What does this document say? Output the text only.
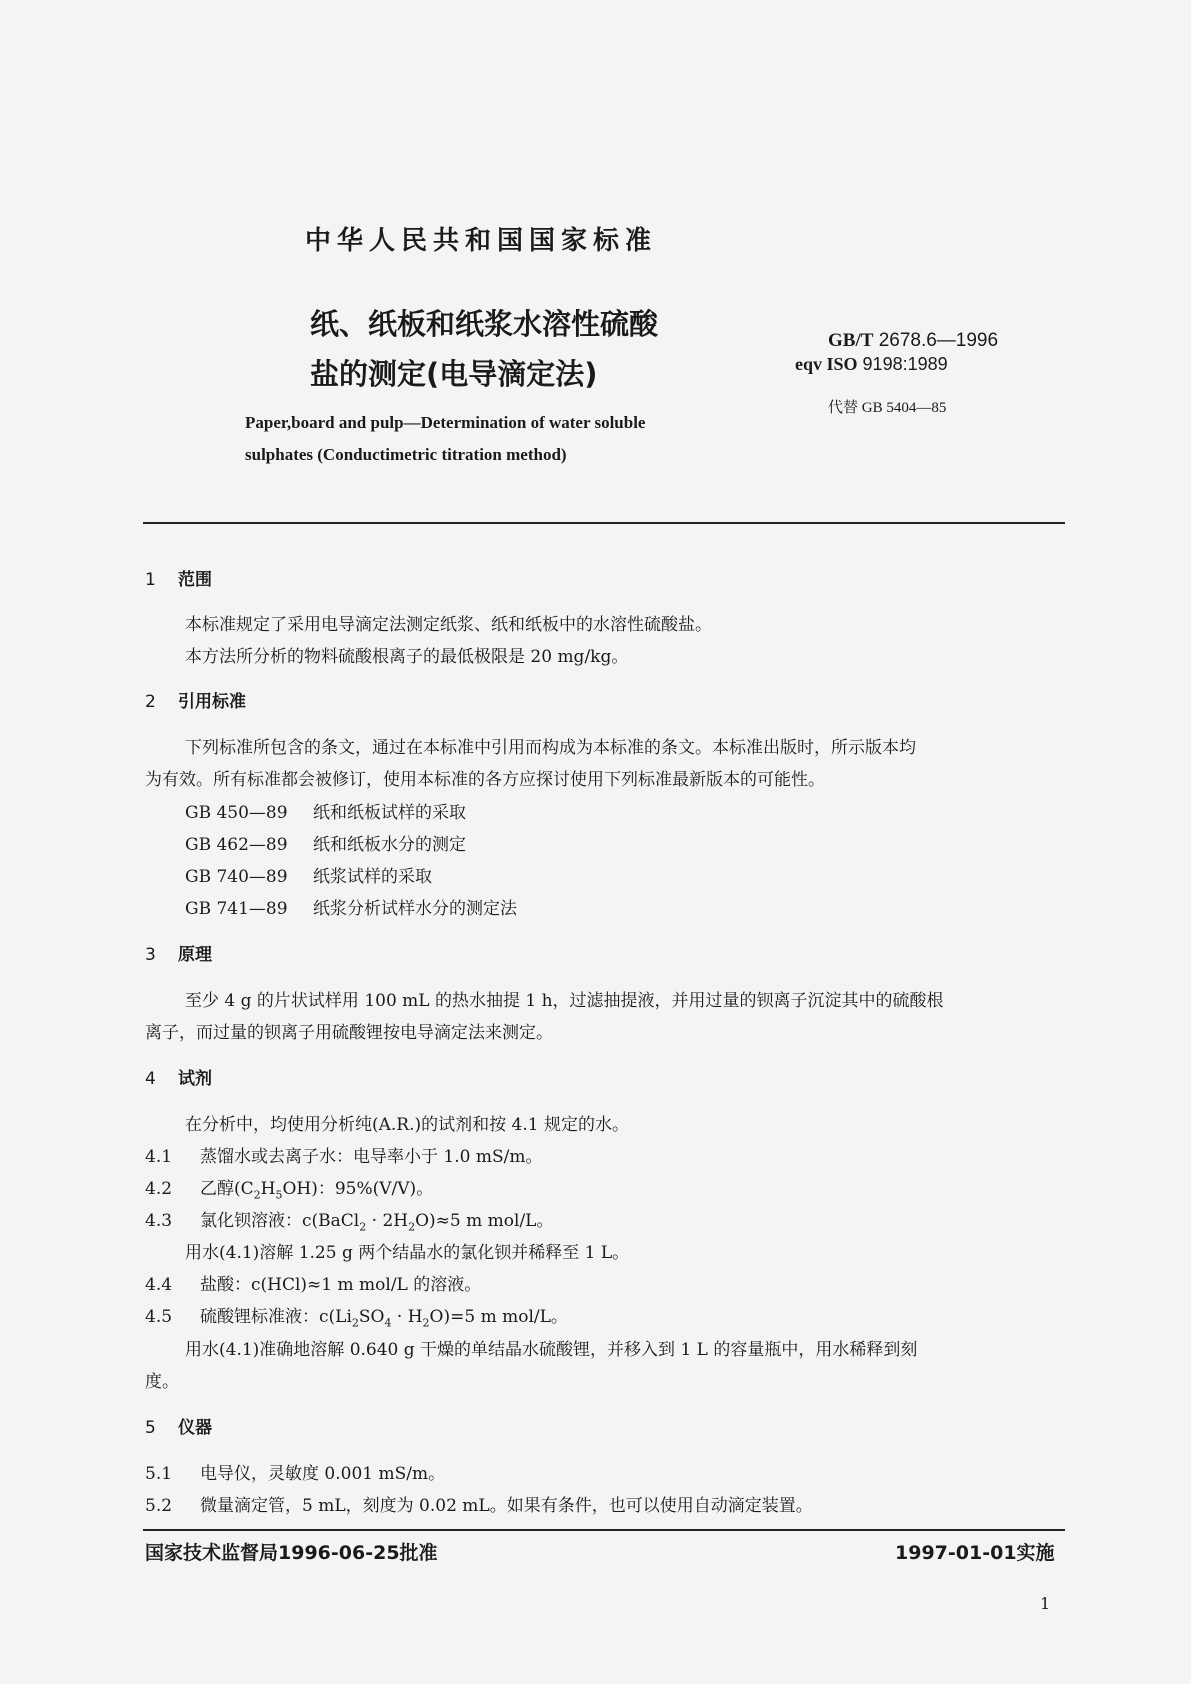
中华人民共和国国家标准
纸、纸板和纸浆水溶性硫酸
盐的测定(电导滴定法)
GB/T 2678.6—1996
eqv ISO 9198:1989
代替 GB 5404—85
Paper,board and pulp—Determination of water soluble
sulphates (Conductimetric titration method)
1 范围
本标准规定了采用电导滴定法测定纸浆、纸和纸板中的水溶性硫酸盐。
本方法所分析的物料硫酸根离子的最低极限是 20 mg/kg。
2 引用标准
下列标准所包含的条文，通过在本标准中引用而构成为本标准的条文。本标准出版时，所示版本均
为有效。所有标准都会被修订，使用本标准的各方应探讨使用下列标准最新版本的可能性。
GB 450—89 纸和纸板试样的采取
GB 462—89 纸和纸板水分的测定
GB 740—89 纸浆试样的采取
GB 741—89 纸浆分析试样水分的测定法
3 原理
至少 4 g 的片状试样用 100 mL 的热水抽提 1 h，过滤抽提液，并用过量的钡离子沉淀其中的硫酸根
离子，而过量的钡离子用硫酸锂按电导滴定法来测定。
4 试剂
在分析中，均使用分析纯(A.R.)的试剂和按 4.1 规定的水。
4.1 蒸馏水或去离子水：电导率小于 1.0 mS/m。
4.2 乙醇$(C_2H_5OH)$：95%(V/V)。
4.3 氯化钡溶液：c(BaCl$_2$ · $2H_2O)\approx 5$ m mol/L。
用水(4.1)溶解 1.25 g 两个结晶水的氯化钡并稀释至 1 L。
4.4 盐酸：c(HCl)≈1 m mol/L 的溶液。
4.5 硫酸锂标准液：$c(Li_2SO_4 \cdot H_2O)=5$ m mol/L。
用水(4.1)准确地溶解 0.640 g 干燥的单结晶水硫酸锂，并移入到 1 L 的容量瓶中，用水稀释到刻
度。
5 仪器
5.1 电导仪，灵敏度 0.001 mS/m。
5.2 微量滴定管，5 mL，刻度为 0.02 mL。如果有条件，也可以使用自动滴定装置。
国家技术监督局1996-06-25批准	1997-01-01实施
1
